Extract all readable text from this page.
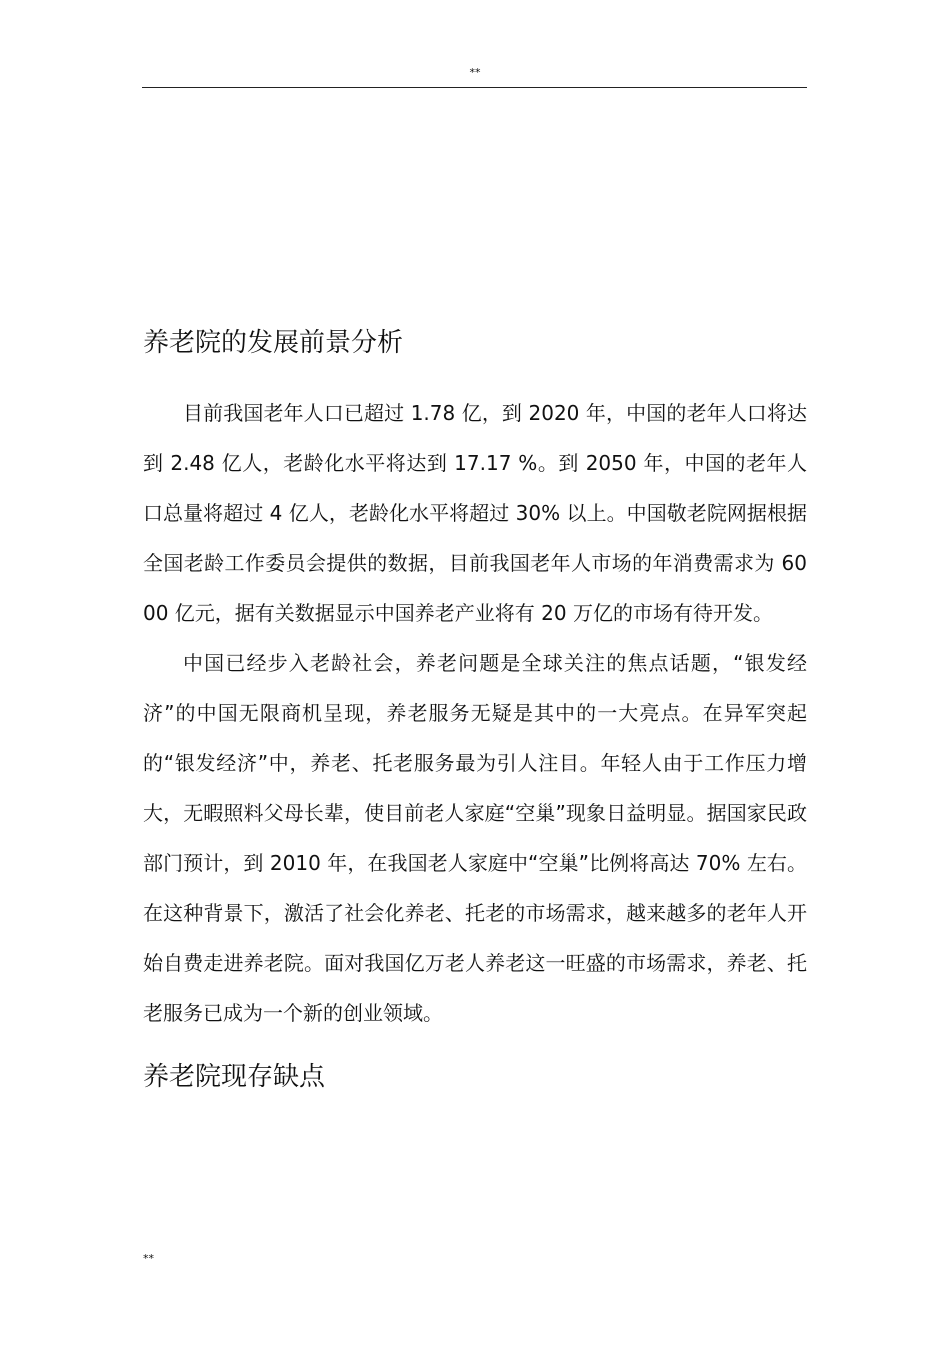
**
养老院的发展前景分析

目前我国老年人口已超过 1.78 亿，到 2020 年，中国的老年人口将达到 2.48 亿人，老龄化水平将达到 17.17 %。到 2050 年，中国的老年人口总量将超过 4 亿人，老龄化水平将超过 30% 以上。中国敬老院网据根据全国老龄工作委员会提供的数据，目前我国老年人市场的年消费需求为 6000 亿元，据有关数据显示中国养老产业将有 20 万亿的市场有待开发。

中国已经步入老龄社会，养老问题是全球关注的焦点话题，“银发经济”的中国无限商机呈现，养老服务无疑是其中的一大亮点。在异军突起的“银发经济”中，养老、托老服务最为引人注目。年轻人由于工作压力增大，无暇照料父母长辈，使目前老人家庭“空巢”现象日益明显。据国家民政部门预计，到 2010 年，在我国老人家庭中“空巢”比例将高达 70% 左右。在这种背景下，激活了社会化养老、托老的市场需求，越来越多的老年人开始自费走进养老院。面对我国亿万老人养老这一旺盛的市场需求，养老、托老服务已成为一个新的创业领域。

养老院现存缺点
**
